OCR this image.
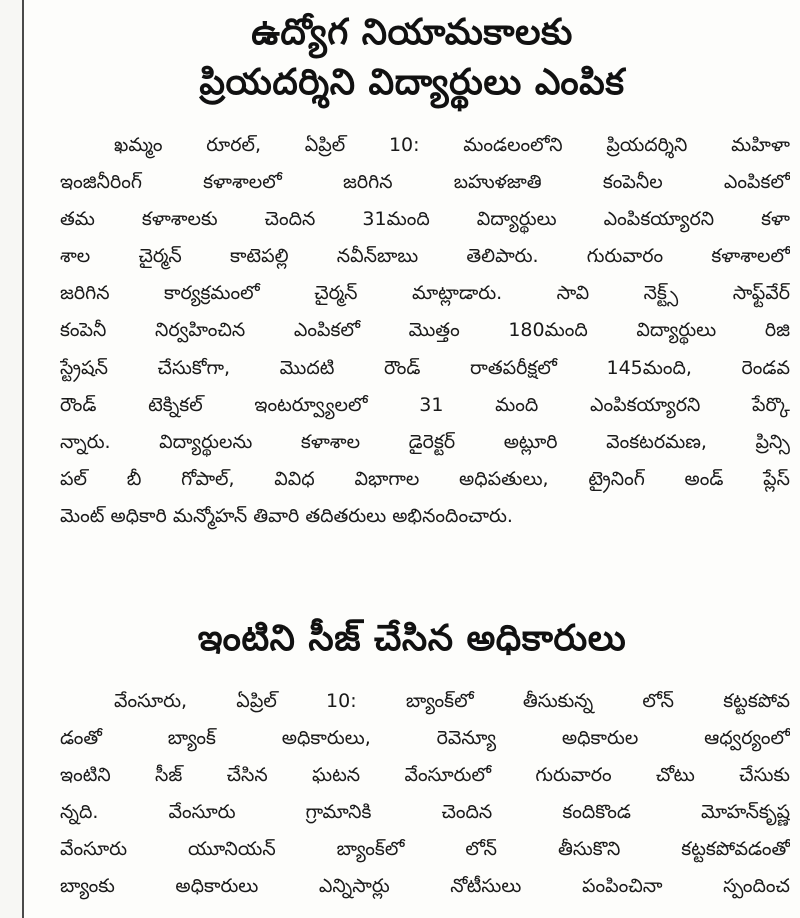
ఉద్యోగ నియామకాలకు
ప్రియదర్శిని విద్యార్థులు ఎంపిక
ఖమ్మం రూరల్, ఏప్రిల్ 10: మండలంలోని ప్రియదర్శిని మహిళా
ఇంజినీరింగ్ కళాశాలలో జరిగిన బహుళజాతి కంపెనీల ఎంపికలో
తమ కళాశాలకు చెందిన 31మంది విద్యార్థులు ఎంపికయ్యారని కళా
శాల చైర్మన్ కాటెపల్లి నవీన్‌బాబు తెలిపారు. గురువారం కళాశాలలో
జరిగిన కార్యక్రమంలో చైర్మన్ మాట్లాడారు. సావి నెక్ట్స్ సాఫ్ట్‌వేర్
కంపెనీ నిర్వహించిన ఎంపికలో మొత్తం 180మంది విద్యార్థులు రిజి
స్ట్రేషన్ చేసుకోగా, మొదటి రౌండ్ రాతపరీక్షలో 145మంది, రెండవ
రౌండ్ టెక్నికల్ ఇంటర్వ్యూలలో 31 మంది ఎంపికయ్యారని పేర్కొ
న్నారు. విద్యార్థులను కళాశాల డైరెక్టర్ అట్లూరి వెంకటరమణ, ప్రిన్సి
పల్ బీ గోపాల్, వివిధ విభాగాల అధిపతులు, ట్రైనింగ్ అండ్ ప్లేస్
మెంట్ అధికారి మన్మోహన్ తివారి తదితరులు అభినందించారు.
ఇంటిని సీజ్ చేసిన అధికారులు
వేంసూరు, ఏప్రిల్ 10: బ్యాంక్‌లో తీసుకున్న లోన్ కట్టకపోవ
డంతో బ్యాంక్ అధికారులు, రెవెన్యూ అధికారుల ఆధ్వర్యంలో
ఇంటిని సీజ్ చేసిన ఘటన వేంసూరులో గురువారం చోటు చేసుకు
న్నది. వేంసూరు గ్రామానికి చెందిన కందికొండ మోహన్‌కృష్ణ
వేంసూరు యూనియన్ బ్యాంక్‌లో లోన్ తీసుకొని కట్టకపోవడంతో
బ్యాంకు అధికారులు ఎన్నిసార్లు నోటీసులు పంపించినా స్పందించ
